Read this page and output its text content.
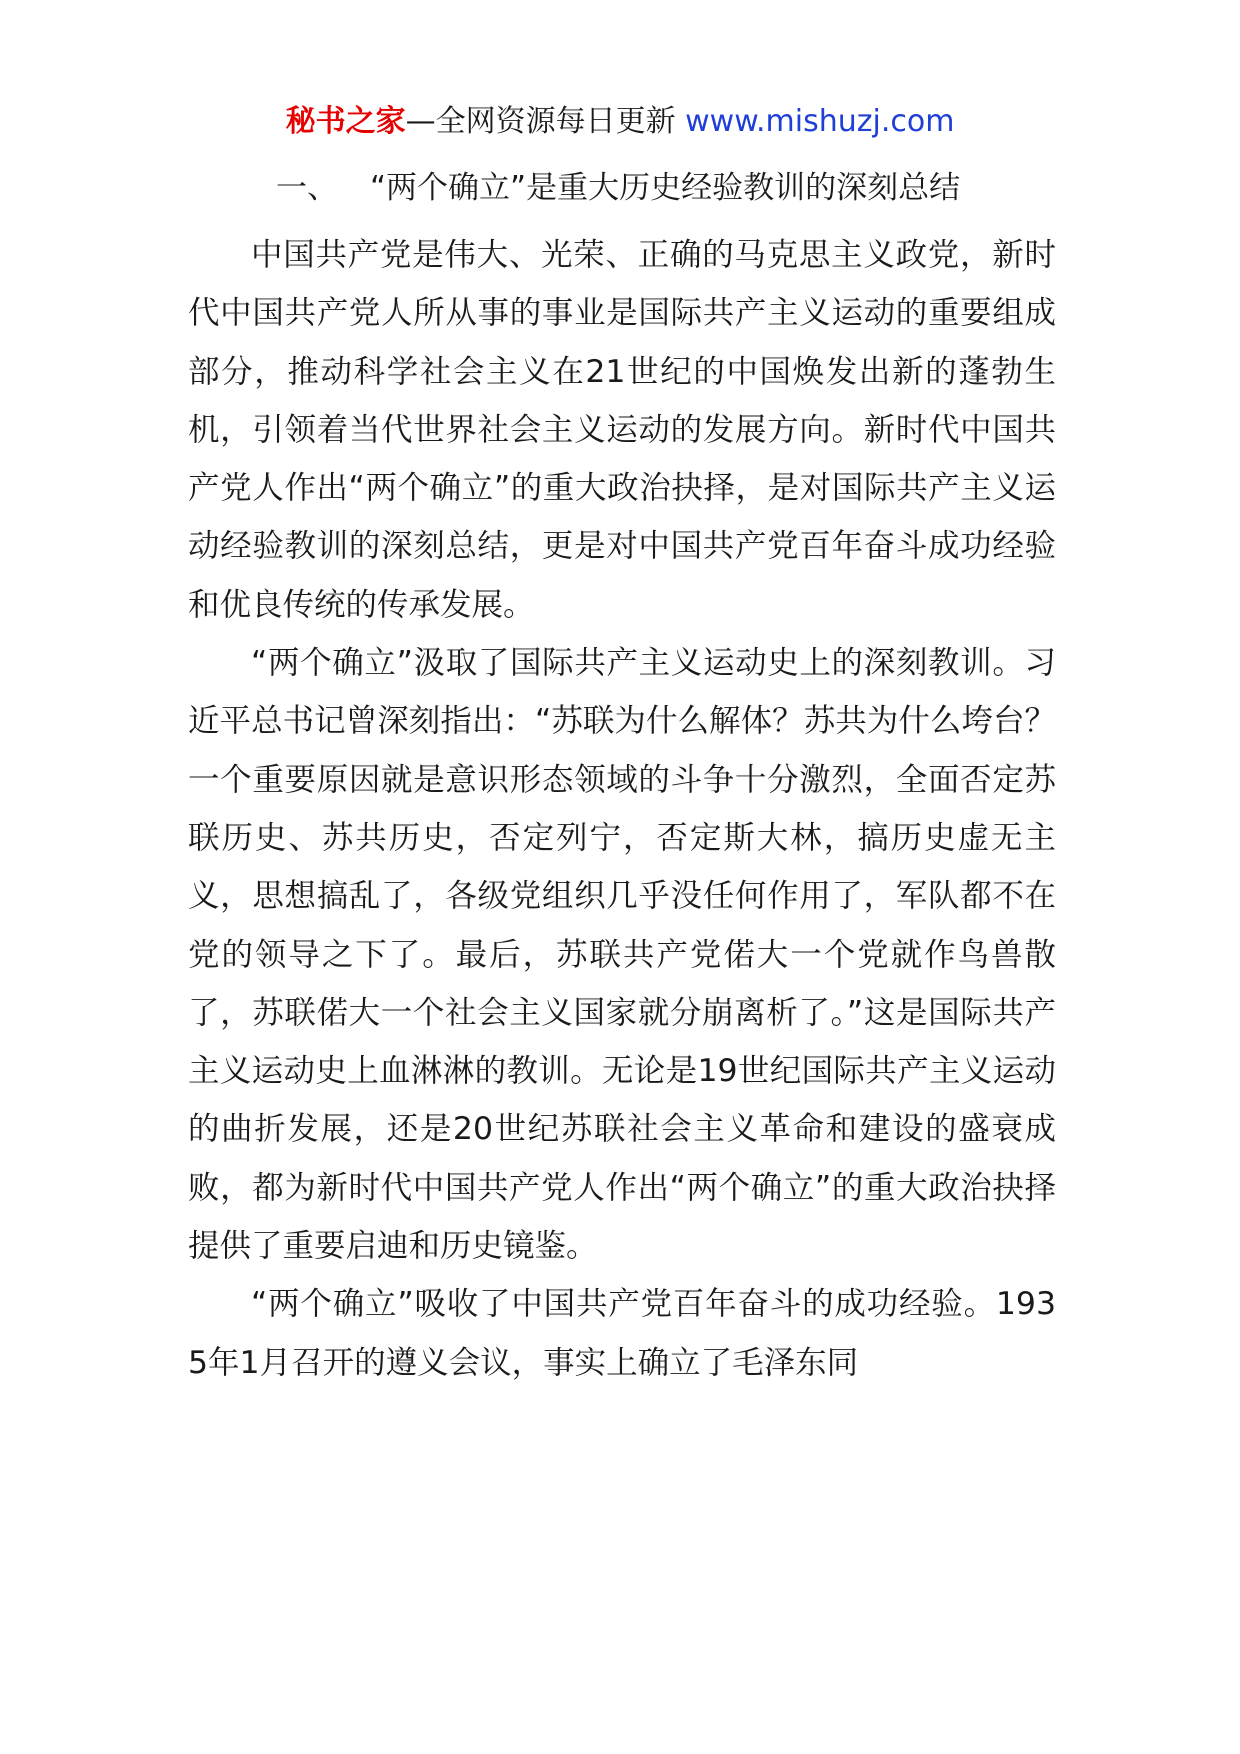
秘书之家—全网资源每日更新 www.mishuzj.com
一、 “两个确立”是重大历史经验教训的深刻总结

中国共产党是伟大、光荣、正确的马克思主义政党，新时代中国共产党人所从事的事业是国际共产主义运动的重要组成部分，推动科学社会主义在21世纪的中国焕发出新的蓬勃生机，引领着当代世界社会主义运动的发展方向。新时代中国共产党人作出“两个确立”的重大政治抉择，是对国际共产主义运动经验教训的深刻总结，更是对中国共产党百年奋斗成功经验和优良传统的传承发展。

“两个确立”汲取了国际共产主义运动史上的深刻教训。习近平总书记曾深刻指出：“苏联为什么解体？苏共为什么垮台？一个重要原因就是意识形态领域的斗争十分激烈，全面否定苏联历史、苏共历史，否定列宁，否定斯大林，搞历史虚无主义，思想搞乱了，各级党组织几乎没任何作用了，军队都不在党的领导之下了。最后，苏联共产党偌大一个党就作鸟兽散了，苏联偌大一个社会主义国家就分崩离析了。”这是国际共产主义运动史上血淋淋的教训。无论是19世纪国际共产主义运动的曲折发展，还是20世纪苏联社会主义革命和建设的盛衰成败，都为新时代中国共产党人作出“两个确立”的重大政治抉择提供了重要启迪和历史镜鉴。

“两个确立”吸收了中国共产党百年奋斗的成功经验。1935年1月召开的遵义会议，事实上确立了毛泽东同
